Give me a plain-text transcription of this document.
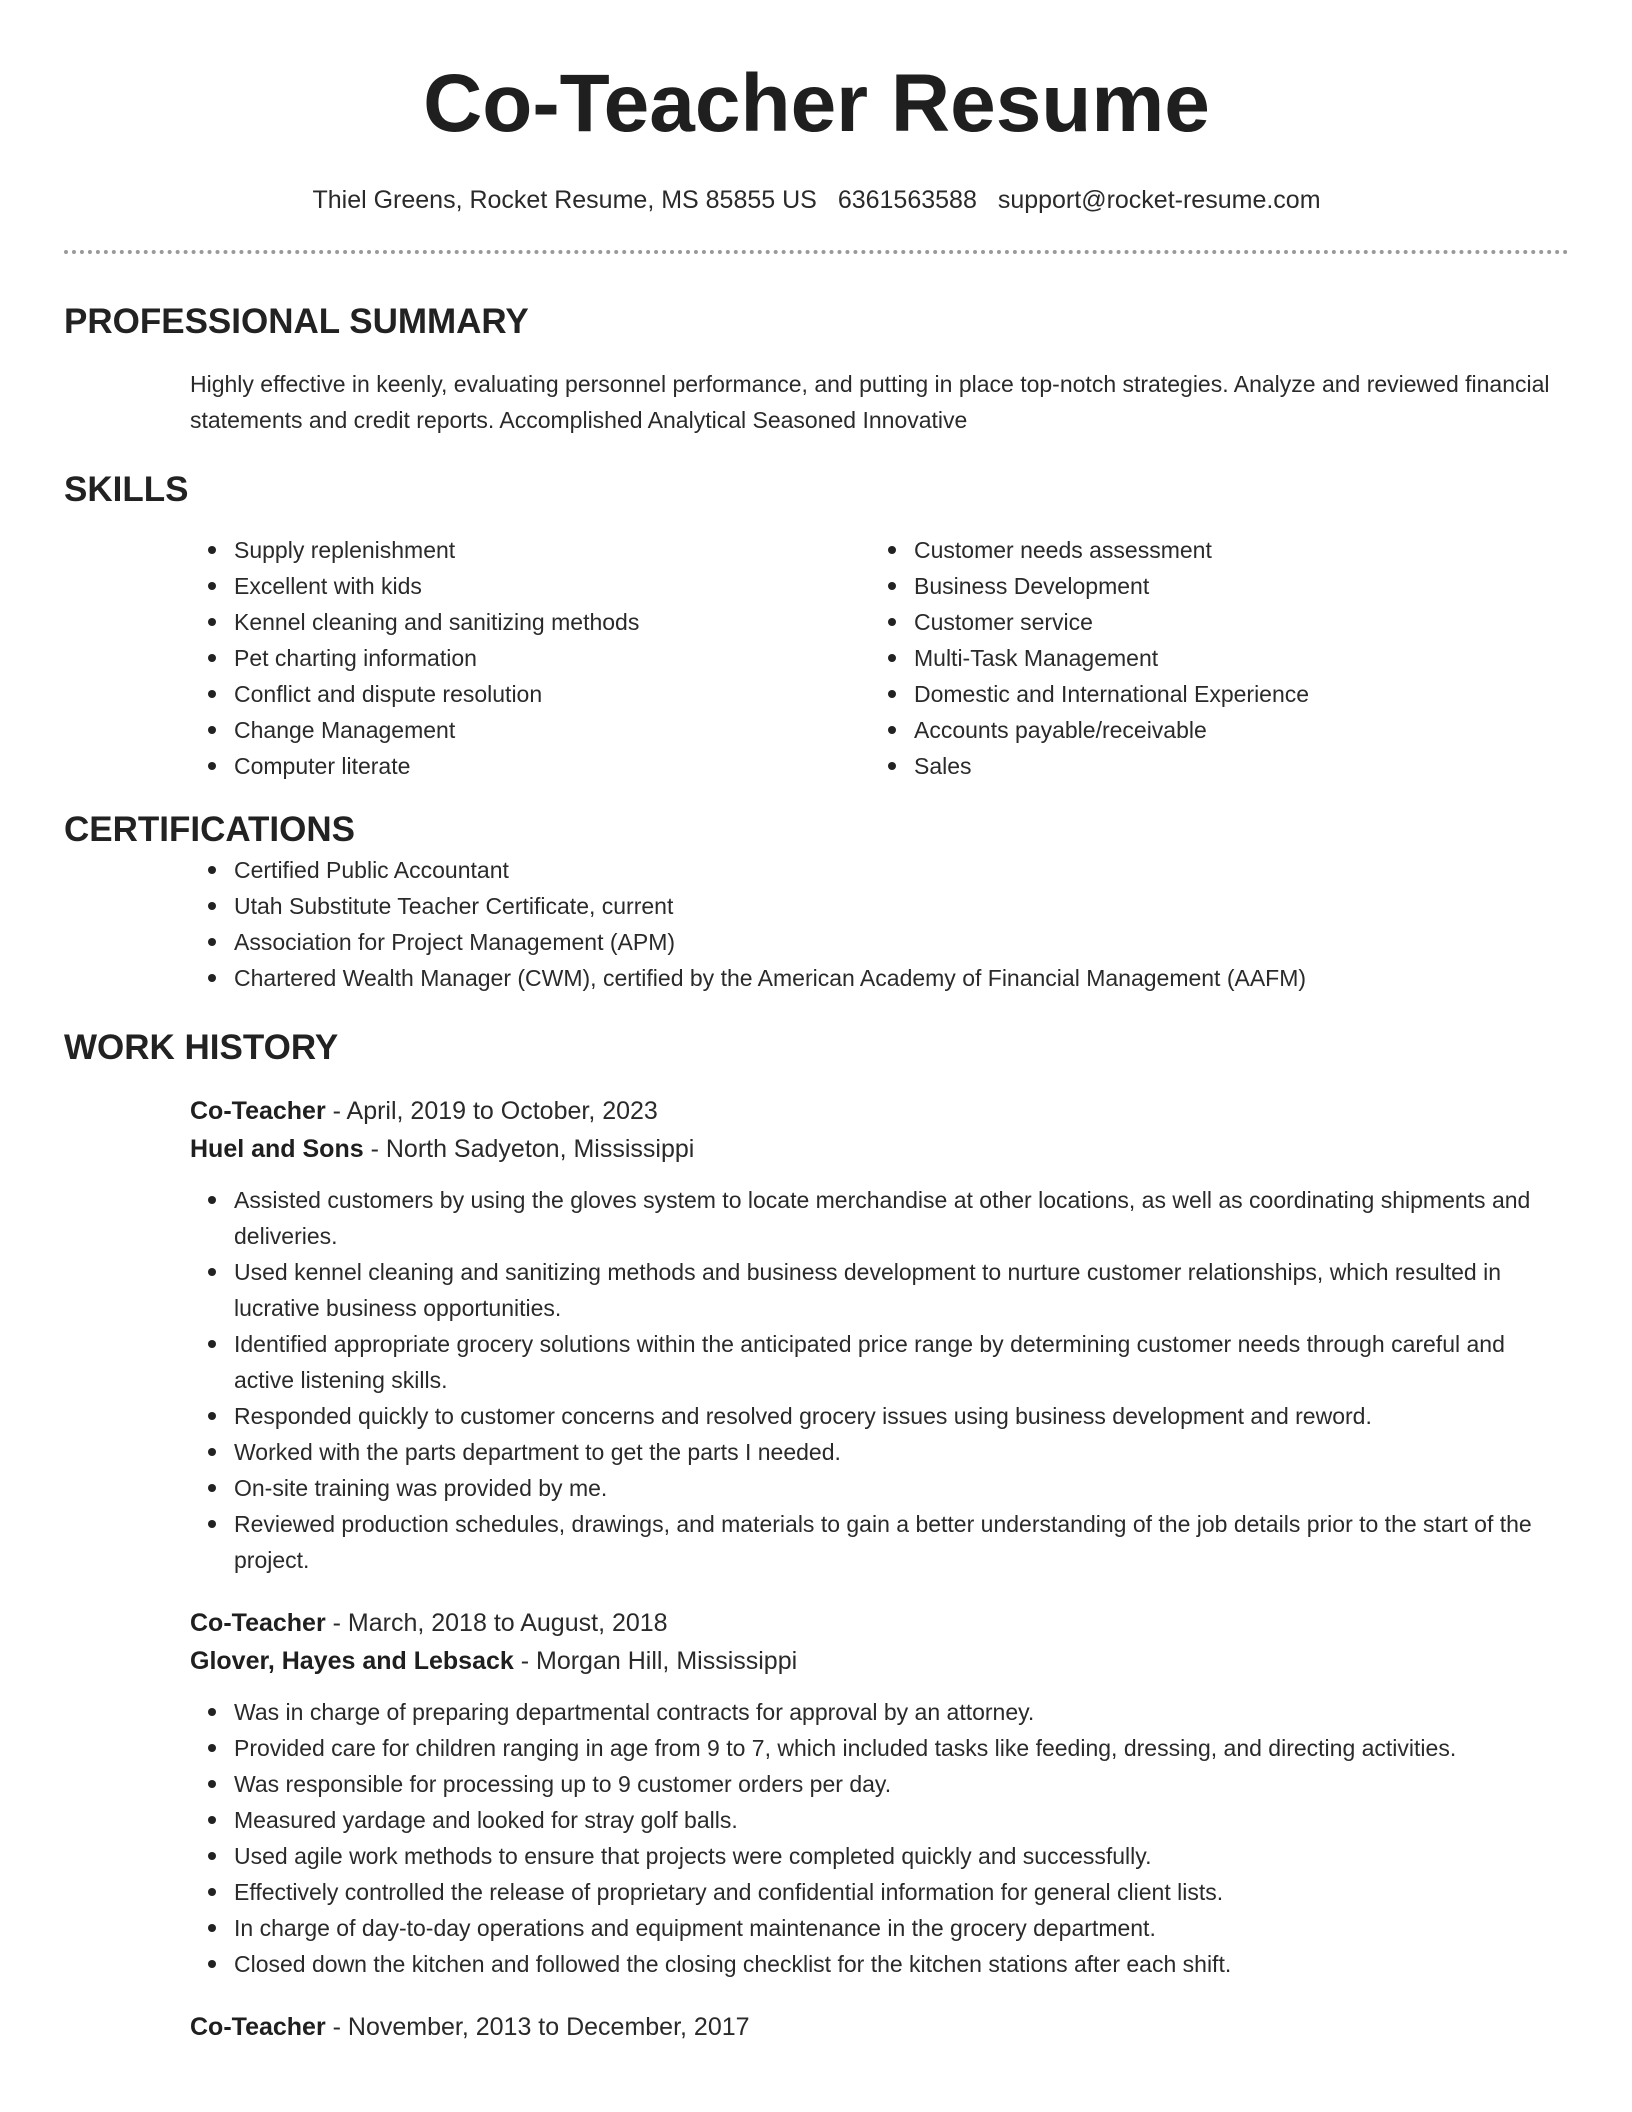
Co-Teacher Resume
Thiel Greens, Rocket Resume, MS 85855 US 6361563588 support@rocket-resume.com
PROFESSIONAL SUMMARY

Highly effective in keenly, evaluating personnel performance, and putting in place top-notch strategies. Analyze and reviewed financial statements and credit reports. Accomplished Analytical Seasoned Innovative

SKILLS
Supply replenishment
Excellent with kids
Kennel cleaning and sanitizing methods
Pet charting information
Conflict and dispute resolution
Change Management
Computer literate
Customer needs assessment
Business Development
Customer service
Multi-Task Management
Domestic and International Experience
Accounts payable/receivable
Sales
CERTIFICATIONS
Certified Public Accountant
Utah Substitute Teacher Certificate, current
Association for Project Management (APM)
Chartered Wealth Manager (CWM), certified by the American Academy of Financial Management (AAFM)
WORK HISTORY
Co-Teacher - April, 2019 to October, 2023
Huel and Sons - North Sadyeton, Mississippi
Assisted customers by using the gloves system to locate merchandise at other locations, as well as coordinating shipments and deliveries.
Used kennel cleaning and sanitizing methods and business development to nurture customer relationships, which resulted in lucrative business opportunities.
Identified appropriate grocery solutions within the anticipated price range by determining customer needs through careful and active listening skills.
Responded quickly to customer concerns and resolved grocery issues using business development and reword.
Worked with the parts department to get the parts I needed.
On-site training was provided by me.
Reviewed production schedules, drawings, and materials to gain a better understanding of the job details prior to the start of the project.
Co-Teacher - March, 2018 to August, 2018
Glover, Hayes and Lebsack - Morgan Hill, Mississippi
Was in charge of preparing departmental contracts for approval by an attorney.
Provided care for children ranging in age from 9 to 7, which included tasks like feeding, dressing, and directing activities.
Was responsible for processing up to 9 customer orders per day.
Measured yardage and looked for stray golf balls.
Used agile work methods to ensure that projects were completed quickly and successfully.
Effectively controlled the release of proprietary and confidential information for general client lists.
In charge of day-to-day operations and equipment maintenance in the grocery department.
Closed down the kitchen and followed the closing checklist for the kitchen stations after each shift.
Co-Teacher - November, 2013 to December, 2017
